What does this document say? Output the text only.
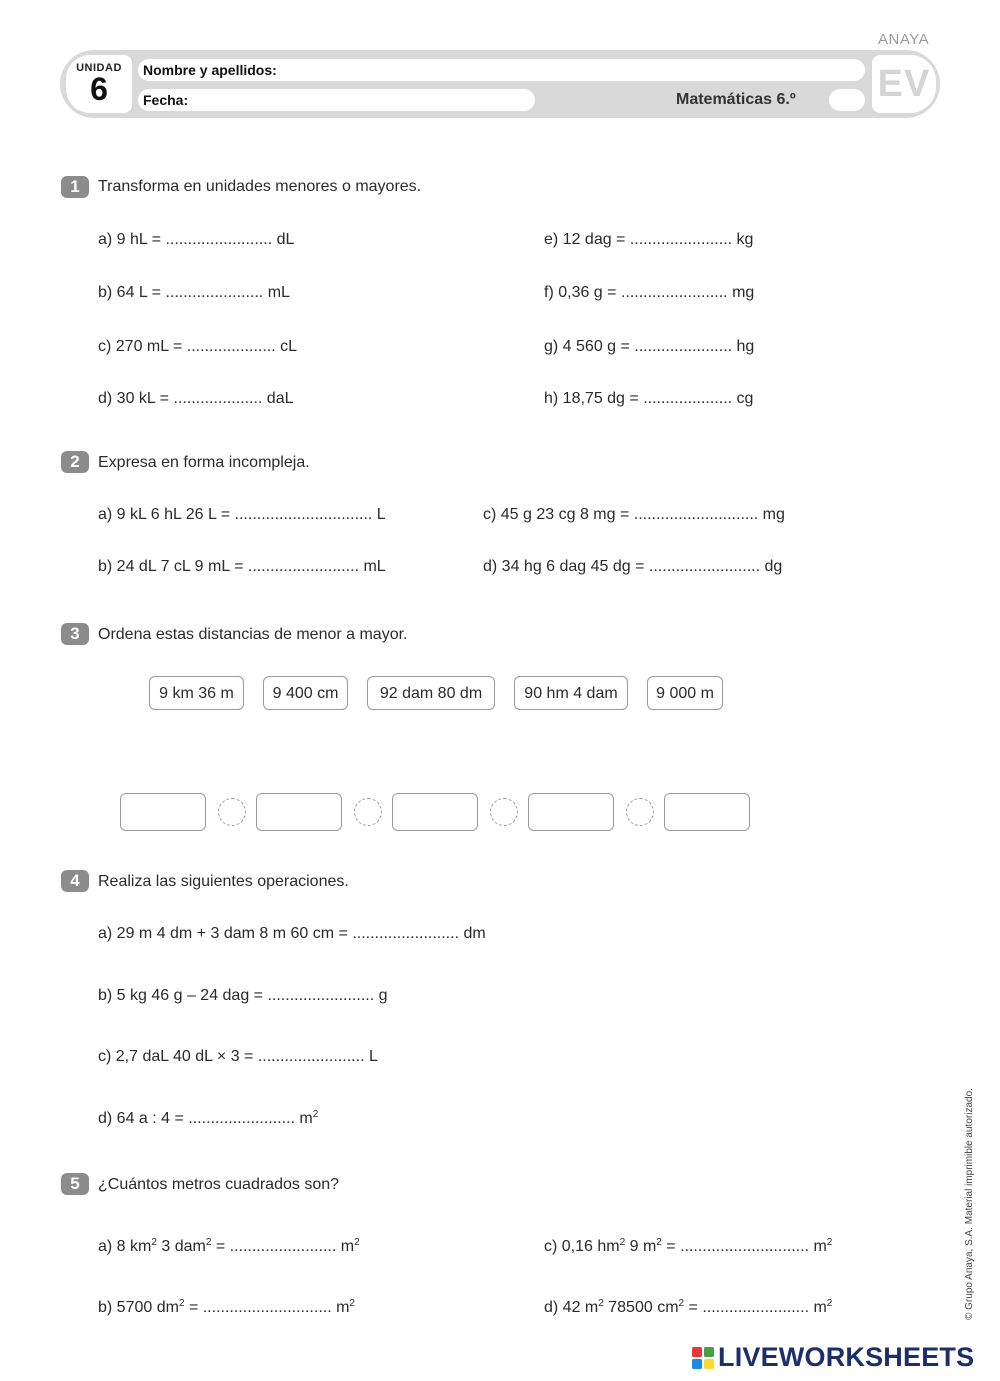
ANAYA
UNIDAD
6
Nombre y apellidos:
Fecha:	Matemáticas 6.º EV
1	Transforma en unidades menores o mayores.
a) 9 hL = ........................ dL
b) 64 L = ...................... mL
c) 270 mL = .................... cL
d) 30 kL = .................... daL
e) 12 dag = ....................... kg
f) 0,36 g = ........................ mg
g) 4 560 g = ...................... hg
h) 18,75 dg = .................... cg
2	Expresa en forma incompleja.
a) 9 kL 6 hL 26 L = ............................... L
b) 24 dL 7 cL 9 mL = ......................... mL
c) 45 g 23 cg 8 mg = ............................ mg
d) 34 hg 6 dag 45 dg = ......................... dg
3	Ordena estas distancias de menor a mayor.
9 km 36 m	9 400 cm	92 dam 80 dm	90 hm 4 dam	9 000 m
4	Realiza las siguientes operaciones.
a) 29 m 4 dm + 3 dam 8 m 60 cm = ........................ dm
b) 5 kg 46 g – 24 dag = ........................ g
c) 2,7 daL 40 dL × 3 = ........................ L
d) 64 a : 4 = ........................ $m^2$
5	¿Cuántos metros cuadrados son?
a) 8 $km^2$ 3 dam$^2$ = ........................ $m^2$
b) 5700 $dm^2$ = ............................. $m^2$
c) 0,16 $hm^2$ 9 $m^2$ = ............................. $m^2$
d) 42 $m^2$ 78500 $cm^2$ = ........................ $m^2$	© Grupo Anaya, S.A. Material imprimible autorizado.
LIVEWORKSHEETS
